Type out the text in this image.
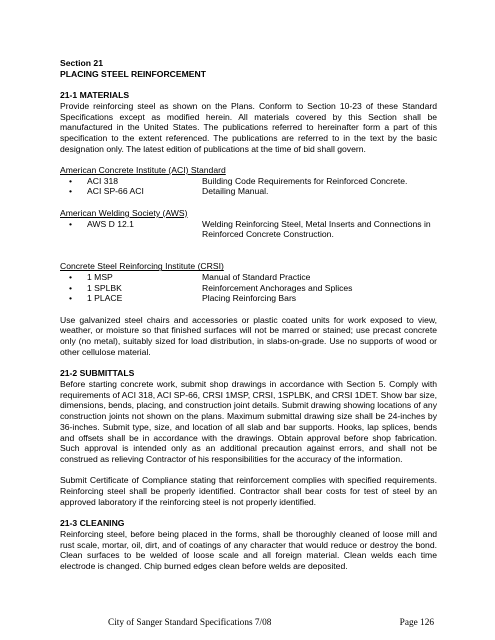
Section 21

PLACING STEEL REINFORCEMENT

21-1 MATERIALS

Provide reinforcing steel as shown on the Plans. Conform to Section 10-23 of these Standard Specifications except as modified herein. All materials covered by this Section shall be manufactured in the United States. The publications referred to hereinafter form a part of this specification to the extent referenced. The publications are referred to in the text by the basic designation only. The latest edition of publications at the time of bid shall govern.

American Concrete Institute (ACI) Standard

•	ACI 318	Building Code Requirements for Reinforced Concrete.
•	ACI SP-66 ACI	Detailing Manual.

American Welding Society (AWS)

•	AWS D 12.1	Welding Reinforcing Steel, Metal Inserts and Connections in Reinforced Concrete Construction.

Concrete Steel Reinforcing Institute (CRSI)

•	1 MSP	Manual of Standard Practice
•	1 SPLBK	Reinforcement Anchorages and Splices
•	1 PLACE	Placing Reinforcing Bars

Use galvanized steel chairs and accessories or plastic coated units for work exposed to view, weather, or moisture so that finished surfaces will not be marred or stained; use precast concrete only (no metal), suitably sized for load distribution, in slabs-on-grade. Use no supports of wood or other cellulose material.

21-2 SUBMITTALS

Before starting concrete work, submit shop drawings in accordance with Section 5. Comply with requirements of ACI 318, ACI SP-66, CRSI 1MSP, CRSI, 1SPLBK, and CRSI 1DET. Show bar size, dimensions, bends, placing, and construction joint details. Submit drawing showing locations of any construction joints not shown on the plans. Maximum submittal drawing size shall be 24-inches by 36-inches. Submit type, size, and location of all slab and bar supports. Hooks, lap splices, bends and offsets shall be in accordance with the drawings. Obtain approval before shop fabrication. Such approval is intended only as an additional precaution against errors, and shall not be construed as relieving Contractor of his responsibilities for the accuracy of the information.

Submit Certificate of Compliance stating that reinforcement complies with specified requirements. Reinforcing steel shall be properly identified. Contractor shall bear costs for test of steel by an approved laboratory if the reinforcing steel is not properly identified.

21-3 CLEANING

Reinforcing steel, before being placed in the forms, shall be thoroughly cleaned of loose mill and rust scale, mortar, oil, dirt, and of coatings of any character that would reduce or destroy the bond. Clean surfaces to be welded of loose scale and all foreign material. Clean welds each time electrode is changed. Chip burned edges clean before welds are deposited.

City of Sanger Standard Specifications 7/08	Page 126
